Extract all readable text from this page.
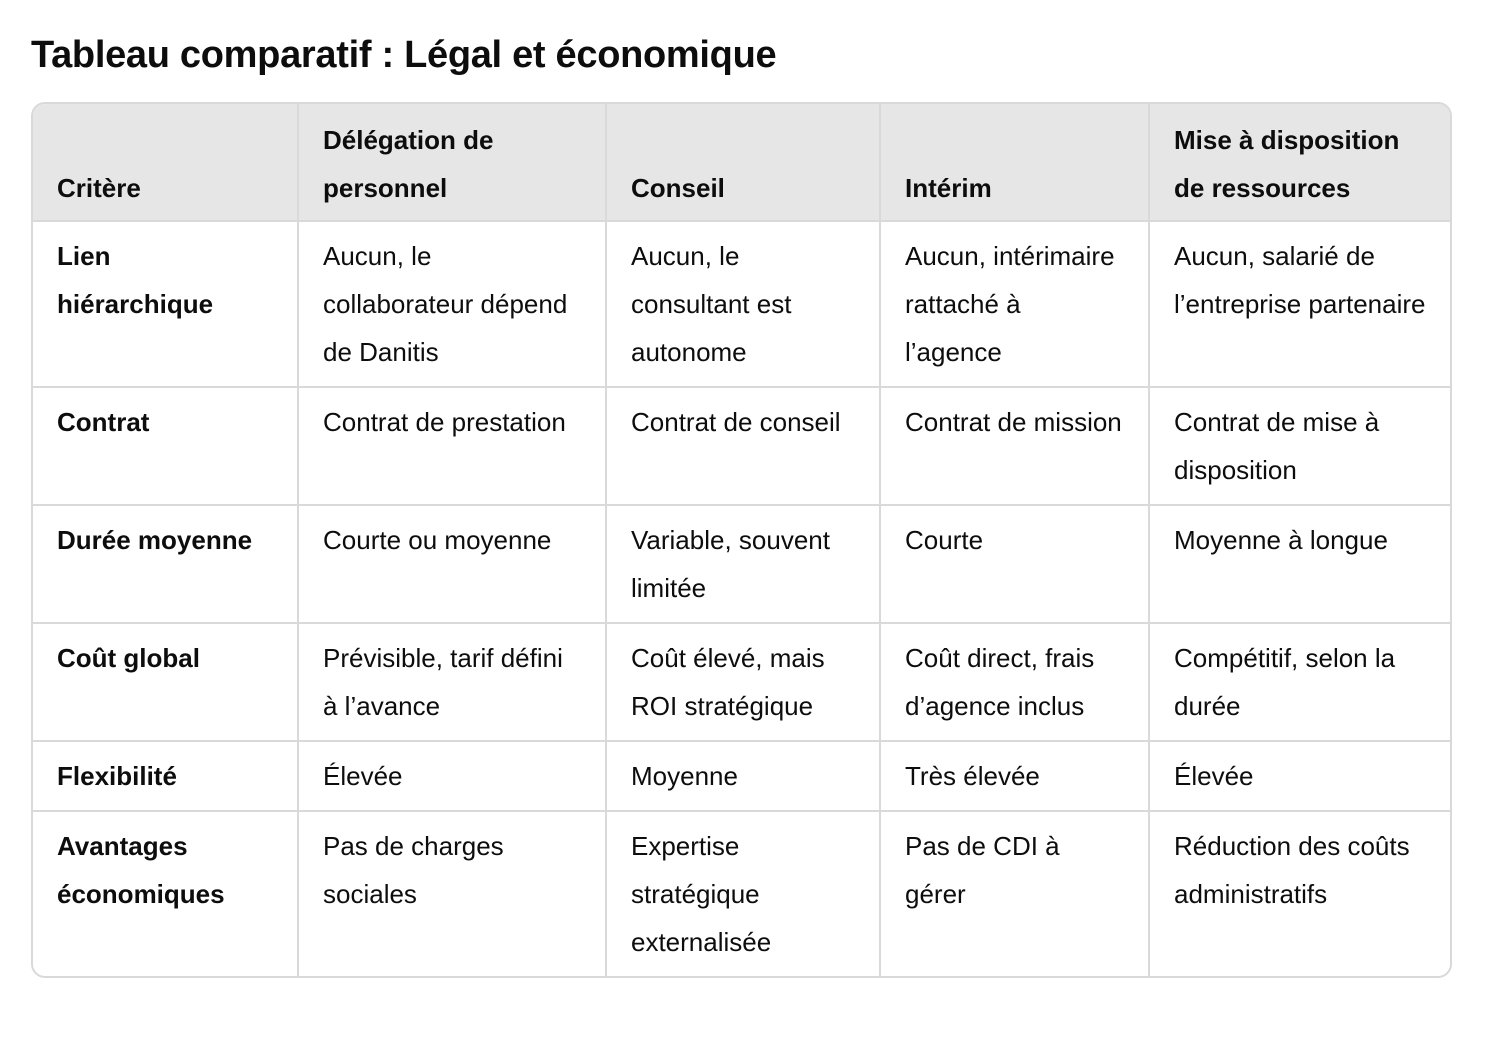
Tableau comparatif : Légal et économique
Critère	Délégation de personnel	Conseil	Intérim	Mise à disposition de ressources
Lien hiérarchique	Aucun, le collaborateur dépend de Danitis	Aucun, le consultant est autonome	Aucun, intérimaire rattaché à l’agence	Aucun, salarié de l’entreprise partenaire
Contrat	Contrat de prestation	Contrat de conseil	Contrat de mission	Contrat de mise à disposition
Durée moyenne	Courte ou moyenne	Variable, souvent limitée	Courte	Moyenne à longue
Coût global	Prévisible, tarif défini à l’avance	Coût élevé, mais ROI stratégique	Coût direct, frais d’agence inclus	Compétitif, selon la durée
Flexibilité	Élevée	Moyenne	Très élevée	Élevée
Avantages économiques	Pas de charges sociales	Expertise stratégique externalisée	Pas de CDI à gérer	Réduction des coûts administratifs
